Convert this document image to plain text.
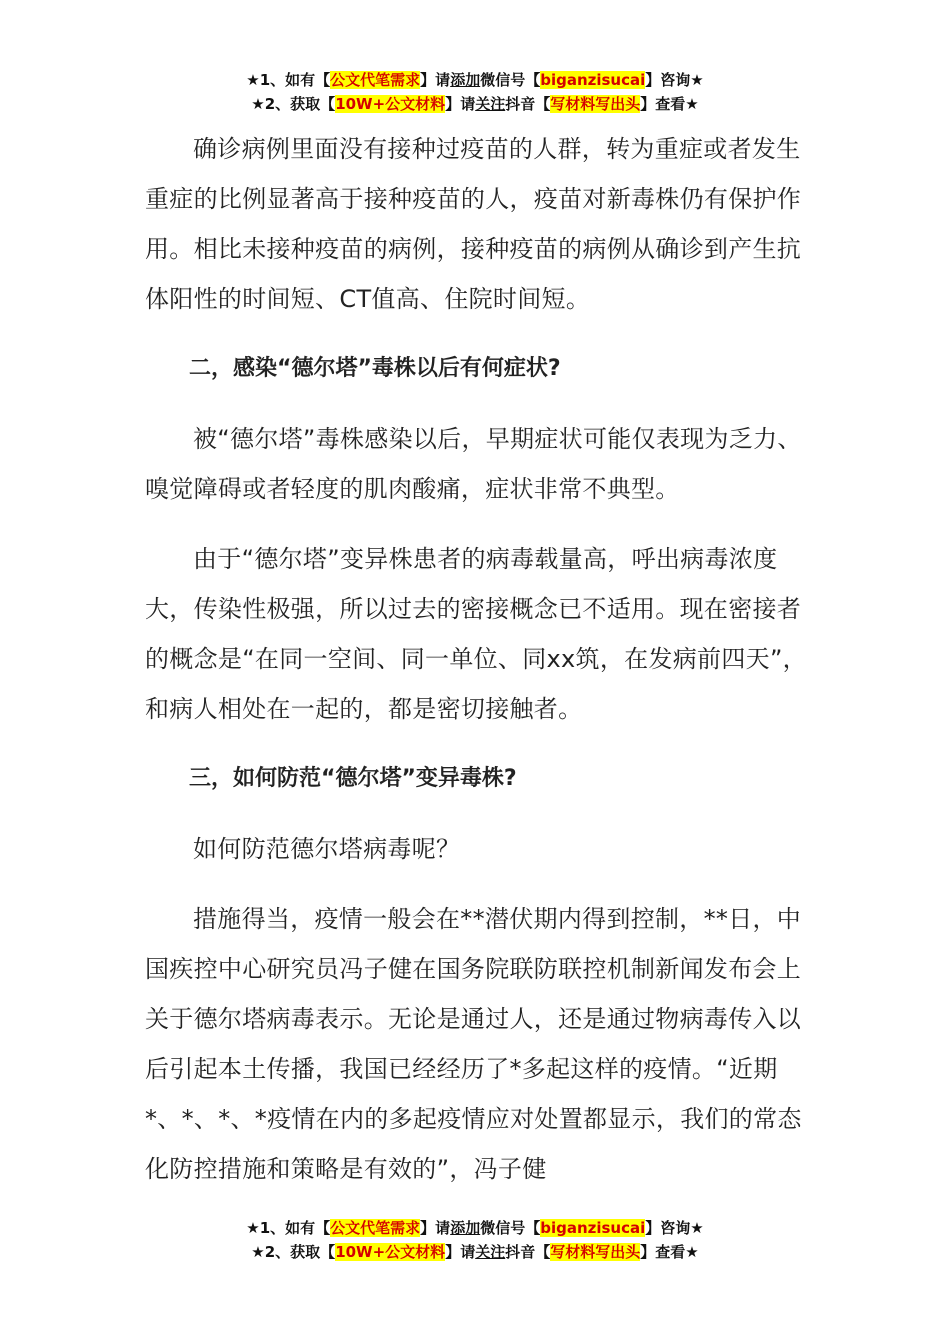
★1、如有【公文代笔需求】请添加微信号【biganzisucai】咨询★
★2、获取【10W+公文材料】请关注抖音【写材料写出头】查看★

确诊病例里面没有接种过疫苗的人群，转为重症或者发生重症的比例显著高于接种疫苗的人，疫苗对新毒株仍有保护作用。相比未接种疫苗的病例，接种疫苗的病例从确诊到产生抗体阳性的时间短、CT值高、住院时间短。

二，感染“德尔塔”毒株以后有何症状?

被“德尔塔”毒株感染以后，早期症状可能仅表现为乏力、嗅觉障碍或者轻度的肌肉酸痛，症状非常不典型。

由于“德尔塔”变异株患者的病毒载量高，呼出病毒浓度大，传染性极强，所以过去的密接概念已不适用。现在密接者的概念是“在同一空间、同一单位、同xx筑，在发病前四天”，和病人相处在一起的，都是密切接触者。

三，如何防范“德尔塔”变异毒株?

如何防范德尔塔病毒呢？

措施得当，疫情一般会在**潜伏期内得到控制，**日，中国疾控中心研究员冯子健在国务院联防联控机制新闻发布会上关于德尔塔病毒表示。无论是通过人，还是通过物病毒传入以后引起本土传播，我国已经经历了*多起这样的疫情。“近期*、*、*、*疫情在内的多起疫情应对处置都显示，我们的常态化防控措施和策略是有效的”，冯子健

★1、如有【公文代笔需求】请添加微信号【biganzisucai】咨询★
★2、获取【10W+公文材料】请关注抖音【写材料写出头】查看★
